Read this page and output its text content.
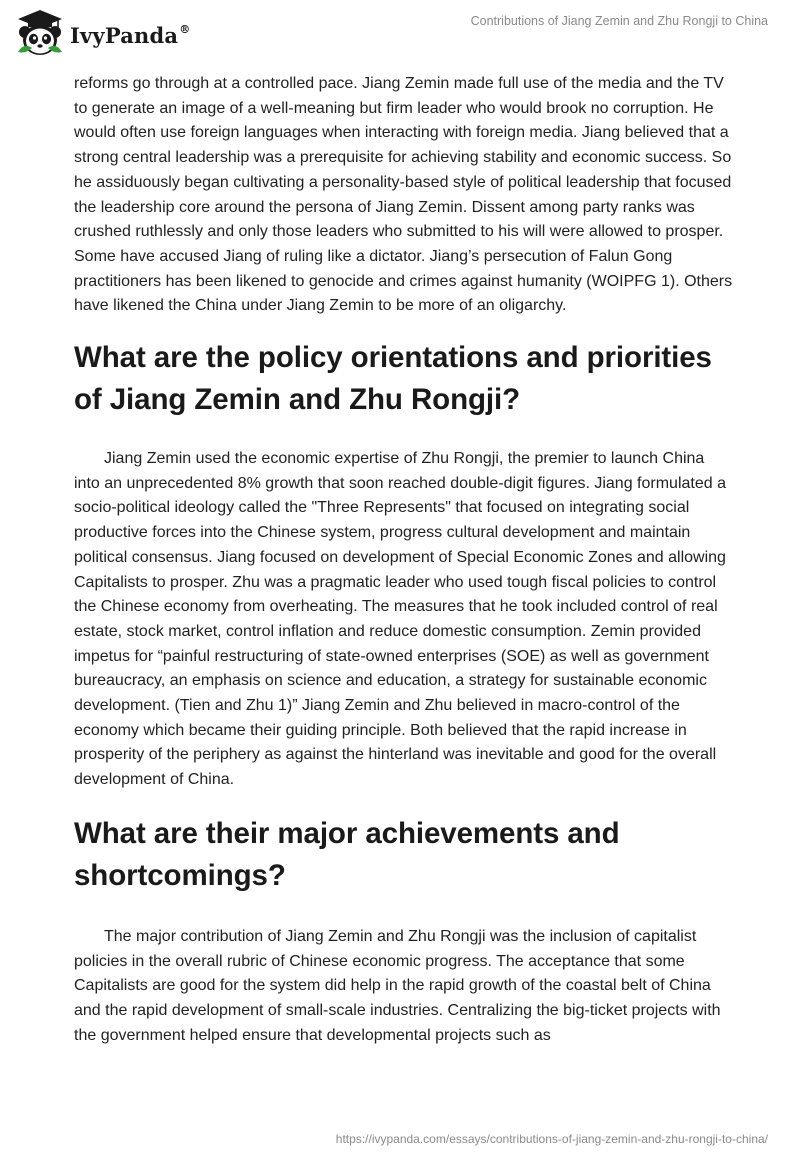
IvyPanda®
Contributions of Jiang Zemin and Zhu Rongji to China

reforms go through at a controlled pace. Jiang Zemin made full use of the media and the TV to generate an image of a well-meaning but firm leader who would brook no corruption. He would often use foreign languages when interacting with foreign media. Jiang believed that a strong central leadership was a prerequisite for achieving stability and economic success. So he assiduously began cultivating a personality-based style of political leadership that focused the leadership core around the persona of Jiang Zemin. Dissent among party ranks was crushed ruthlessly and only those leaders who submitted to his will were allowed to prosper. Some have accused Jiang of ruling like a dictator. Jiang’s persecution of Falun Gong practitioners has been likened to genocide and crimes against humanity (WOIPFG 1). Others have likened the China under Jiang Zemin to be more of an oligarchy.

What are the policy orientations and priorities of Jiang Zemin and Zhu Rongji?

Jiang Zemin used the economic expertise of Zhu Rongji, the premier to launch China into an unprecedented 8% growth that soon reached double-digit figures. Jiang formulated a socio-political ideology called the "Three Represents" that focused on integrating social productive forces into the Chinese system, progress cultural development and maintain political consensus. Jiang focused on development of Special Economic Zones and allowing Capitalists to prosper. Zhu was a pragmatic leader who used tough fiscal policies to control the Chinese economy from overheating. The measures that he took included control of real estate, stock market, control inflation and reduce domestic consumption. Zemin provided impetus for “painful restructuring of state-owned enterprises (SOE) as well as government bureaucracy, an emphasis on science and education, a strategy for sustainable economic development. (Tien and Zhu 1)” Jiang Zemin and Zhu believed in macro-control of the economy which became their guiding principle. Both believed that the rapid increase in prosperity of the periphery as against the hinterland was inevitable and good for the overall development of China.

What are their major achievements and shortcomings?

The major contribution of Jiang Zemin and Zhu Rongji was the inclusion of capitalist policies in the overall rubric of Chinese economic progress. The acceptance that some Capitalists are good for the system did help in the rapid growth of the coastal belt of China and the rapid development of small-scale industries. Centralizing the big-ticket projects with the government helped ensure that developmental projects such as

https://ivypanda.com/essays/contributions-of-jiang-zemin-and-zhu-rongji-to-china/
